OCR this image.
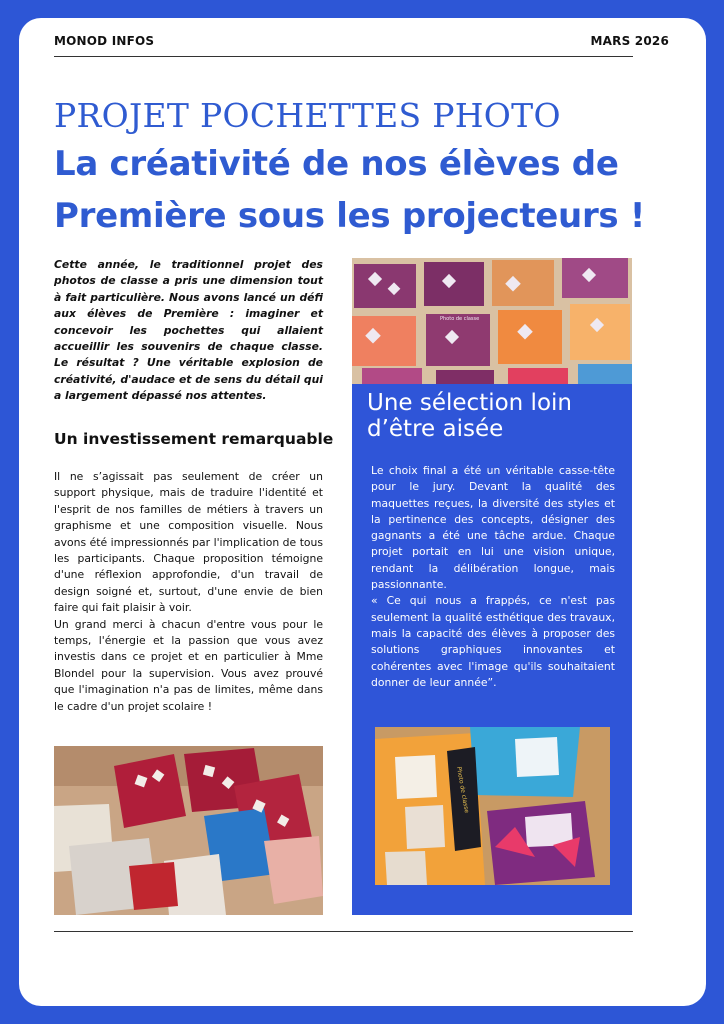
MONOD INFOS	MARS 2026
PROJET POCHETTES PHOTO
La créativité de nos élèves de Première sous les projecteurs !
Cette année, le traditionnel projet des photos de classe a pris une dimension tout à fait particulière. Nous avons lancé un défi aux élèves de Première : imaginer et concevoir les pochettes qui allaient accueillir les souvenirs de chaque classe. Le résultat ? Une véritable explosion de créativité, d'audace et de sens du détail qui a largement dépassé nos attentes.
Un investissement remarquable

Il ne s’agissait pas seulement de créer un support physique, mais de traduire l'identité et l'esprit de nos familles de métiers à travers un graphisme et une composition visuelle. Nous avons été impressionnés par l'implication de tous les participants. Chaque proposition témoigne d'une réflexion approfondie, d'un travail de design soigné et, surtout, d'une envie de bien faire qui fait plaisir à voir.

Un grand merci à chacun d'entre vous pour le temps, l'énergie et la passion que vous avez investis dans ce projet et en particulier à Mme Blondel pour la supervision. Vous avez prouvé que l'imagination n'a pas de limites, même dans le cadre d'un projet scolaire !

Photo de classe
Une sélection loin d’être aisée

Le choix final a été un véritable casse-tête pour le jury. Devant la qualité des maquettes reçues, la diversité des styles et la pertinence des concepts, désigner des gagnants a été une tâche ardue. Chaque projet portait en lui une vision unique, rendant la délibération longue, mais passionnante.

« Ce qui nous a frappés, ce n'est pas seulement la qualité esthétique des travaux, mais la capacité des élèves à proposer des solutions graphiques innovantes et cohérentes avec l'image qu'ils souhaitaient donner de leur année”.

Photo de classe
